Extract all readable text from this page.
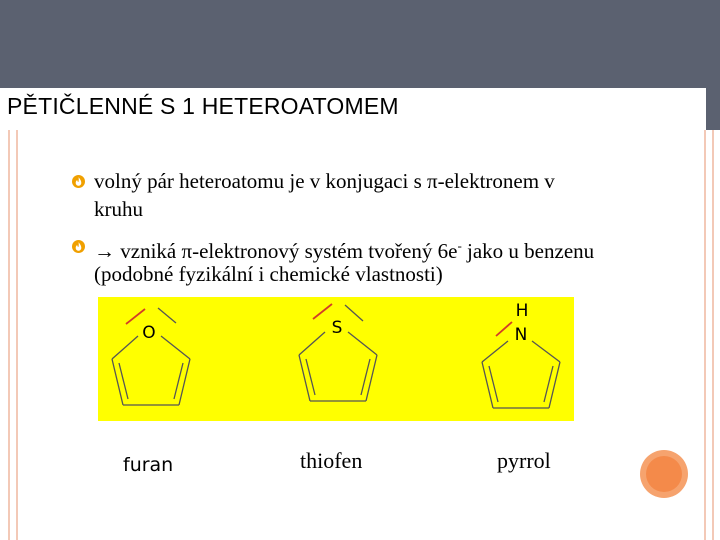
PĚTIČLENNÉ S 1 HETEROATOMEM
volný pár heteroatomu je v konjugaci s π-elektronem v
kruhu
→ vzniká π-elektronový systém tvořený 6e- jako u benzenu
(podobné fyzikální i chemické vlastnosti)
O	S
H
N
furan	thiofen	pyrrol
